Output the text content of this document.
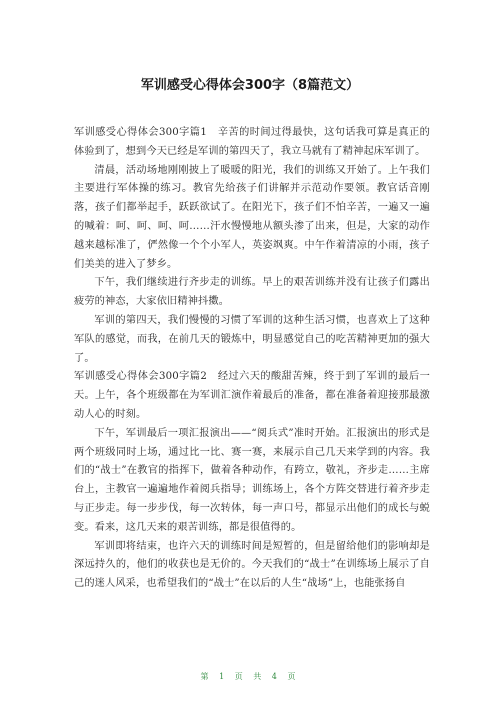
军训感受心得体会300字（8篇范文）

军训感受心得体会300字篇1　辛苦的时间过得最快，这句话我可算是真正的体验到了，想到今天已经是军训的第四天了，我立马就有了精神起床军训了。

清晨，活动场地刚刚披上了暖暖的阳光，我们的训练又开始了。上午我们主要进行军体操的练习。教官先给孩子们讲解并示范动作要领。教官话音刚落，孩子们都举起手，跃跃欲试了。在阳光下，孩子们不怕辛苦，一遍又一遍的喊着：呵、呵、呵、呵……汗水慢慢地从额头渗了出来，但是，大家的动作越来越标准了，俨然像一个个小军人，英姿飒爽。中午作着清凉的小雨，孩子们美美的进入了梦乡。

下午，我们继续进行齐步走的训练。早上的艰苦训练并没有让孩子们露出疲劳的神态，大家依旧精神抖擞。

军训的第四天，我们慢慢的习惯了军训的这种生活习惯，也喜欢上了这种军队的感觉，而我，在前几天的锻炼中，明显感觉自己的吃苦精神更加的强大了。

军训感受心得体会300字篇2　经过六天的酸甜苦辣，终于到了军训的最后一天。上午，各个班级都在为军训汇演作着最后的准备，都在准备着迎接那最激动人心的时刻。

下午，军训最后一项汇报演出——“阅兵式”准时开始。汇报演出的形式是两个班级同时上场，通过比一比、赛一赛，来展示自己几天来学到的内容。我们的“战士”在教官的指挥下，做着各种动作，有跨立，敬礼，齐步走……主席台上，主教官一遍遍地作着阅兵指导；训练场上，各个方阵交替进行着齐步走与正步走。每一步步伐，每一次转体，每一声口号，都显示出他们的成长与蜕变。看来，这几天来的艰苦训练，都是很值得的。

军训即将结束，也许六天的训练时间是短暂的，但是留给他们的影响却是深远持久的，他们的收获也是无价的。今天我们的“战士”在训练场上展示了自己的迷人风采，也希望我们的“战士”在以后的人生“战场”上，也能张扬自

第 1 页 共 4 页
